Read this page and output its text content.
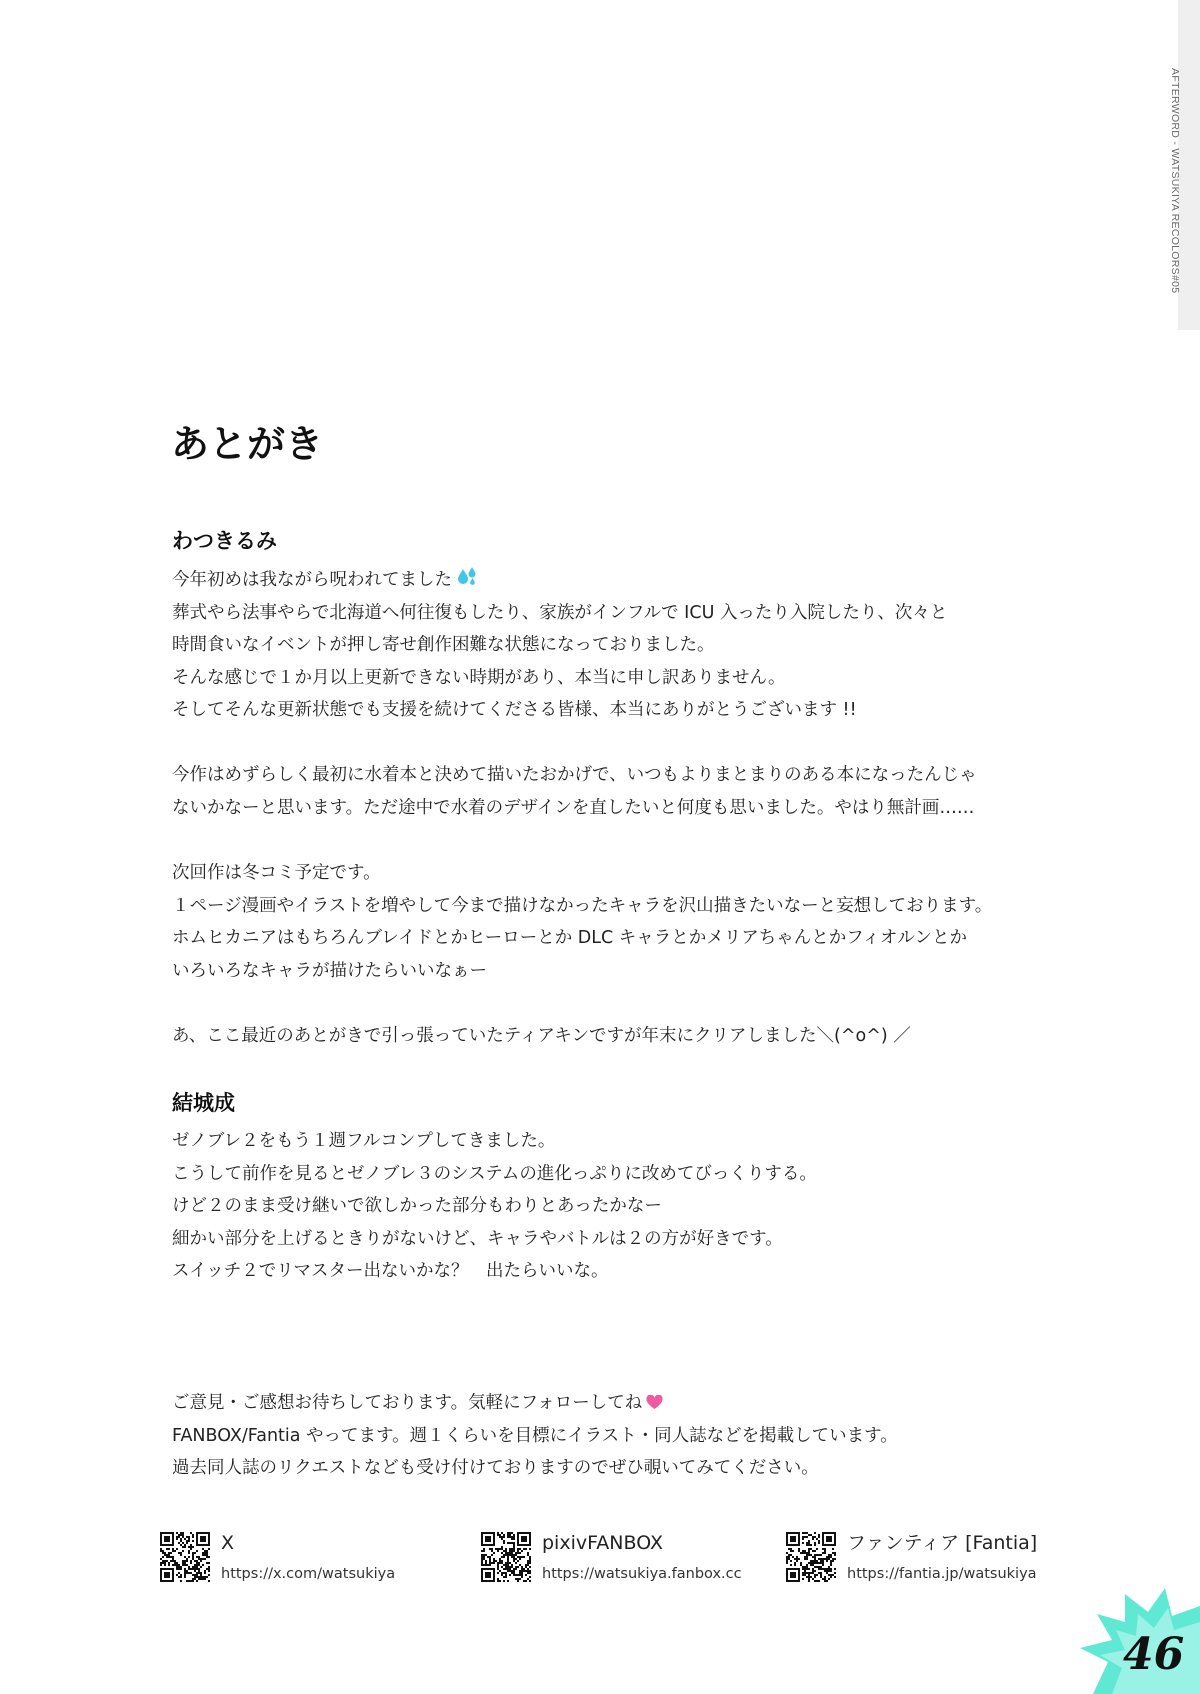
AFTERWORD - WATSUKIYA RECOLORS#05
あとがき
わつきるみ
今年初めは我ながら呪われてました
葬式やら法事やらで北海道へ何往復もしたり、家族がインフルで ICU 入ったり入院したり、次々と
時間食いなイベントが押し寄せ創作困難な状態になっておりました。
そんな感じで１か月以上更新できない時期があり、本当に申し訳ありません。
そしてそんな更新状態でも支援を続けてくださる皆様、本当にありがとうございます !!
今作はめずらしく最初に水着本と決めて描いたおかげで、いつもよりまとまりのある本になったんじゃ
ないかなーと思います。ただ途中で水着のデザインを直したいと何度も思いました。やはり無計画……
次回作は冬コミ予定です。
１ページ漫画やイラストを増やして今まで描けなかったキャラを沢山描きたいなーと妄想しております。
ホムヒカニアはもちろんブレイドとかヒーローとか DLC キャラとかメリアちゃんとかフィオルンとか
いろいろなキャラが描けたらいいなぁー
あ、ここ最近のあとがきで引っ張っていたティアキンですが年末にクリアしました＼(^o^) ／
結城成
ゼノブレ２をもう１週フルコンプしてきました。
こうして前作を見るとゼノブレ３のシステムの進化っぷりに改めてびっくりする。
けど２のまま受け継いで欲しかった部分もわりとあったかなー
細かい部分を上げるときりがないけど、キャラやバトルは２の方が好きです。
スイッチ２でリマスター出ないかな？　出たらいいな。
ご意見・ご感想お待ちしております。気軽にフォローしてね
FANBOX/Fantia やってます。週１くらいを目標にイラスト・同人誌などを掲載しています。
過去同人誌のリクエストなども受け付けておりますのでぜひ覗いてみてください。
X
https://x.com/watsukiya
pixivFANBOX
https://watsukiya.fanbox.cc
ファンティア [Fantia]
https://fantia.jp/watsukiya
46
